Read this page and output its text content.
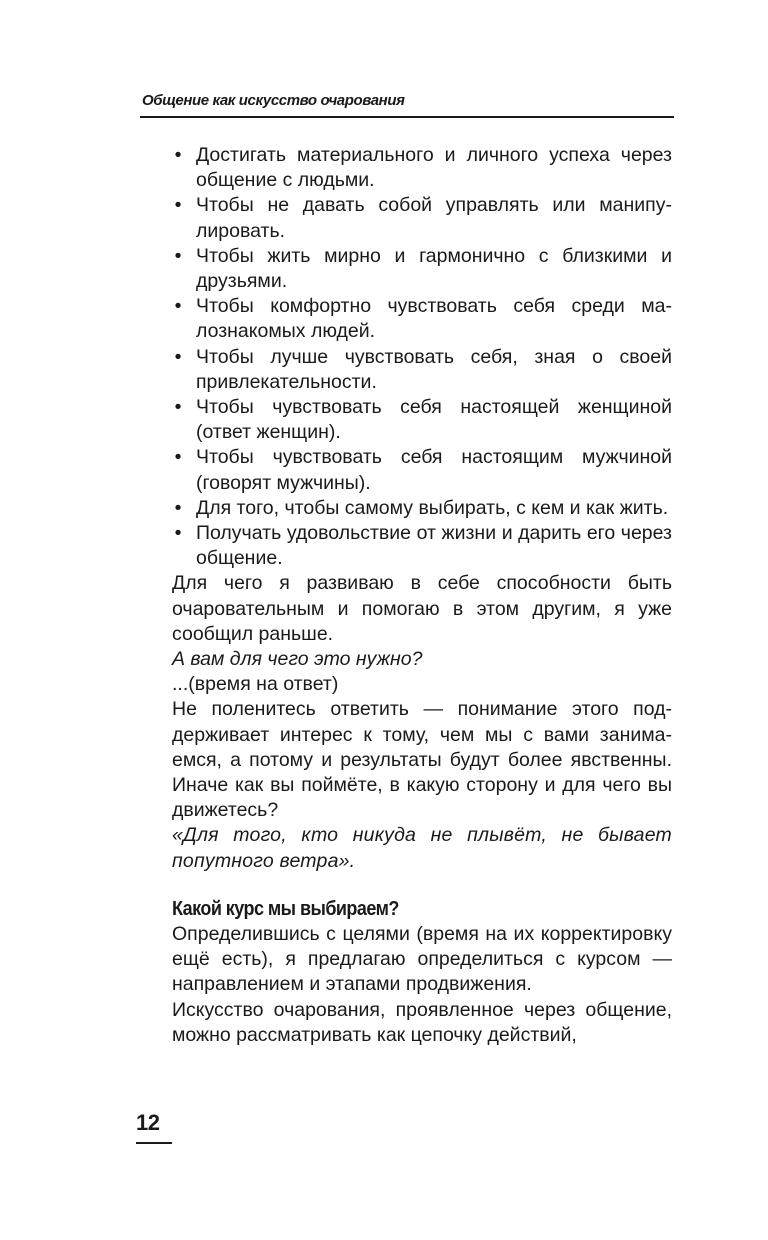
Общение как искусство очарования
• Достигать материального и личного успеха через общение с людьми.
• Чтобы не давать собой управлять или манипулировать.
• Чтобы жить мирно и гармонично с близкими и друзьями.
• Чтобы комфортно чувствовать себя среди малознакомых людей.
• Чтобы лучше чувствовать себя, зная о своей привлекательности.
• Чтобы чувствовать себя настоящей женщиной (ответ женщин).
• Чтобы чувствовать себя настоящим мужчиной (говорят мужчины).
• Для того, чтобы самому выбирать, с кем и как жить.
• Получать удовольствие от жизни и дарить его через общение.

Для чего я развиваю в себе способности быть очаровательным и помогаю в этом другим, я уже сообщил раньше.

А вам для чего это нужно?

...(время на ответ)

Не поленитесь ответить — понимание этого поддерживает интерес к тому, чем мы с вами занимаемся, а потому и результаты будут более явственны. Иначе как вы поймёте, в какую сторону и для чего вы движетесь?

«Для того, кто никуда не плывёт, не бывает попутного ветра».

Какой курс мы выбираем?

Определившись с целями (время на их корректировку ещё есть), я предлагаю определиться с курсом — направлением и этапами продвижения.

Искусство очарования, проявленное через общение, можно рассматривать как цепочку действий,

12
